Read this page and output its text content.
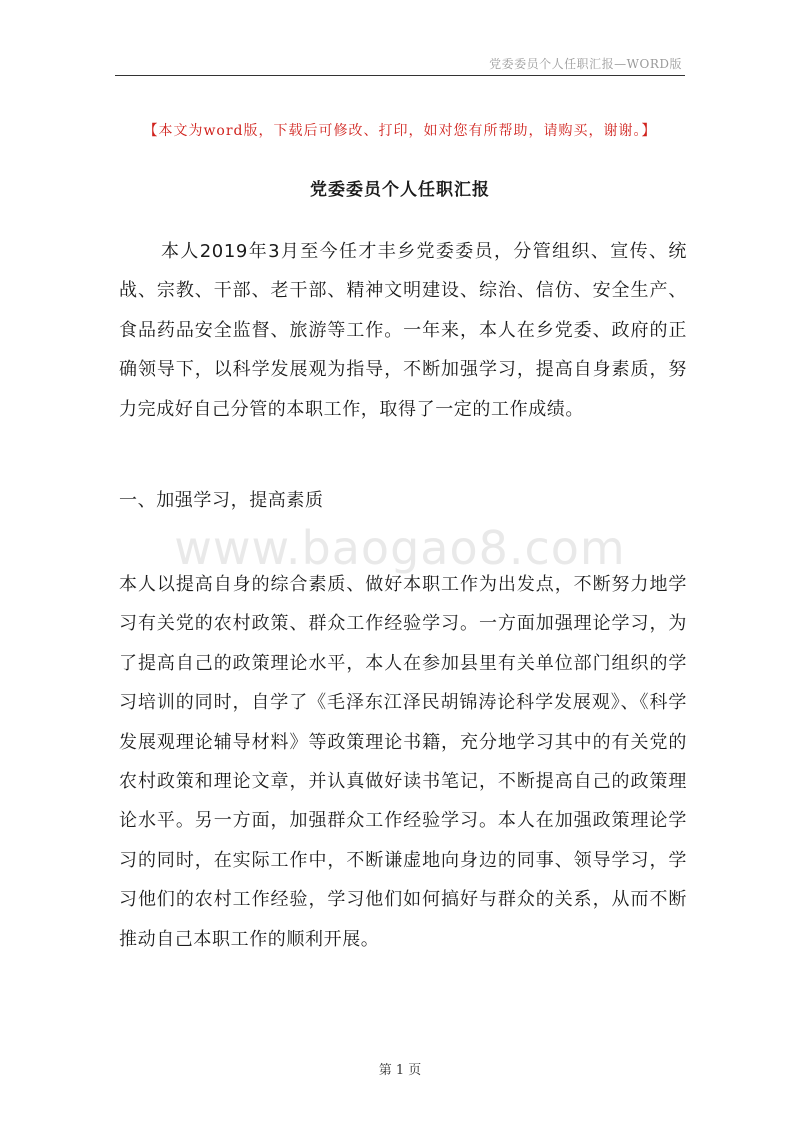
党委委员个人任职汇报—WORD版
【本文为word版，下载后可修改、打印，如对您有所帮助，请购买，谢谢。】
党委委员个人任职汇报
本人2019年3月至今任才丰乡党委委员，分管组织、宣传、统战、宗教、干部、老干部、精神文明建设、综治、信仿、安全生产、食品药品安全监督、旅游等工作。一年来，本人在乡党委、政府的正确领导下，以科学发展观为指导，不断加强学习，提高自身素质，努力完成好自己分管的本职工作，取得了一定的工作成绩。
一、加强学习，提高素质
www.baogao8.com
本人以提高自身的综合素质、做好本职工作为出发点，不断努力地学习有关党的农村政策、群众工作经验学习。一方面加强理论学习，为了提高自己的政策理论水平，本人在参加县里有关单位部门组织的学习培训的同时，自学了《毛泽东江泽民胡锦涛论科学发展观》、《科学发展观理论辅导材料》等政策理论书籍，充分地学习其中的有关党的农村政策和理论文章，并认真做好读书笔记，不断提高自己的政策理论水平。另一方面，加强群众工作经验学习。本人在加强政策理论学习的同时，在实际工作中，不断谦虚地向身边的同事、领导学习，学习他们的农村工作经验，学习他们如何搞好与群众的关系，从而不断推动自己本职工作的顺利开展。
第 1 页
